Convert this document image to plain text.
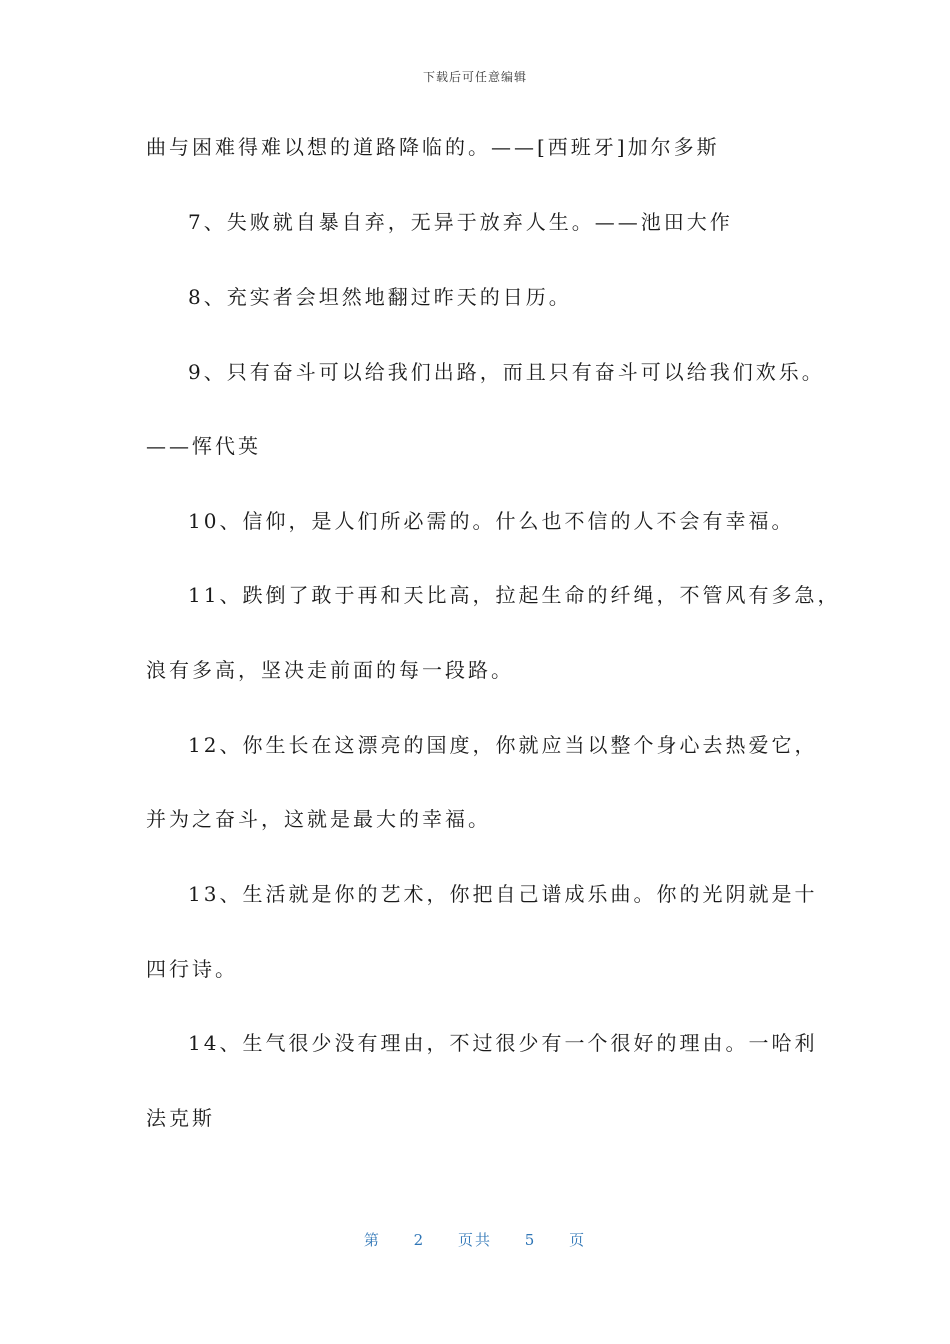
下载后可任意编辑
曲与困难得难以想的道路降临的。——[西班牙]加尔多斯
7、失败就自暴自弃，无异于放弃人生。——池田大作
8、充实者会坦然地翻过昨天的日历。
9、只有奋斗可以给我们出路，而且只有奋斗可以给我们欢乐。
——恽代英
10、信仰，是人们所必需的。什么也不信的人不会有幸福。
11、跌倒了敢于再和天比高，拉起生命的纤绳，不管风有多急，
浪有多高，坚决走前面的每一段路。
12、你生长在这漂亮的国度，你就应当以整个身心去热爱它，
并为之奋斗，这就是最大的幸福。
13、生活就是你的艺术，你把自己谱成乐曲。你的光阴就是十
四行诗。
14、生气很少没有理由，不过很少有一个很好的理由。一哈利
法克斯
第 2 页共 5 页
